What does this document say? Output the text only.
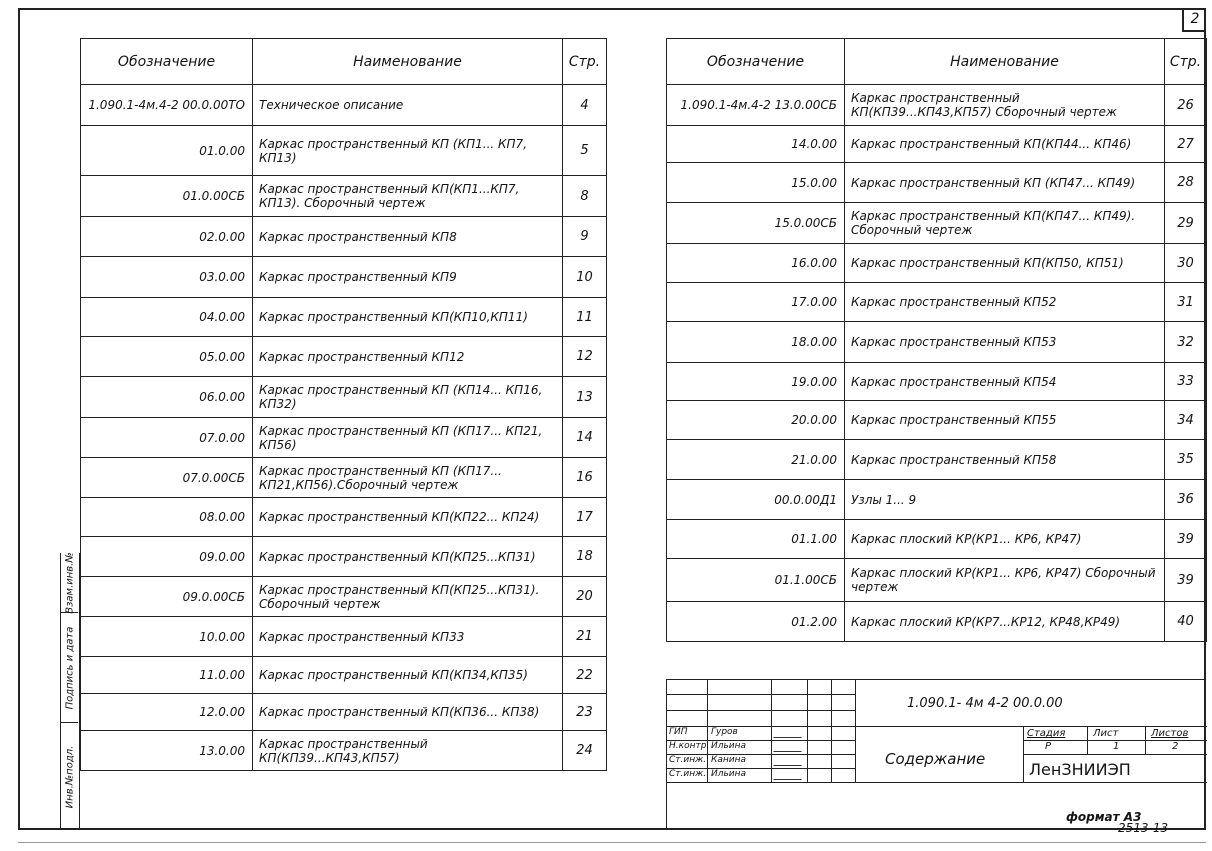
2
Взам.инв.№
Подпись и дата
Инв.№подл.
Обозначение	Наименование	Стр.
1.090.1-4м.4-2 00.0.00ТО	Техническое описание	4
01.0.00	Каркас пространственный КП (КП1... КП7, КП13)	5
01.0.00СБ	Каркас пространственный КП(КП1...КП7, КП13). Сборочный чертеж	8
02.0.00	Каркас пространственный КП8	9
03.0.00	Каркас пространственный КП9	10
04.0.00	Каркас пространственный КП(КП10,КП11)	11
05.0.00	Каркас пространственный КП12	12
06.0.00	Каркас пространственный КП (КП14... КП16, КП32)	13
07.0.00	Каркас пространственный КП (КП17... КП21, КП56)	14
07.0.00СБ	Каркас пространственный КП (КП17... КП21,КП56).Сборочный чертеж	16
08.0.00	Каркас пространственный КП(КП22... КП24)	17
09.0.00	Каркас пространственный КП(КП25...КП31)	18
09.0.00СБ	Каркас пространственный КП(КП25...КП31). Сборочный чертеж	20
10.0.00	Каркас пространственный КП33	21
11.0.00	Каркас пространственный КП(КП34,КП35)	22
12.0.00	Каркас пространственный КП(КП36... КП38)	23
13.0.00	Каркас пространственный КП(КП39...КП43,КП57)	24
Обозначение	Наименование	Стр.
1.090.1-4м.4-2 13.0.00СБ	Каркас пространственный КП(КП39...КП43,КП57) Сборочный чертеж	26
14.0.00	Каркас пространственный КП(КП44... КП46)	27
15.0.00	Каркас пространственный КП (КП47... КП49)	28
15.0.00СБ	Каркас пространственный КП(КП47... КП49). Сборочный чертеж	29
16.0.00	Каркас пространственный КП(КП50, КП51)	30
17.0.00	Каркас пространственный КП52	31
18.0.00	Каркас пространственный КП53	32
19.0.00	Каркас пространственный КП54	33
20.0.00	Каркас пространственный КП55	34
21.0.00	Каркас пространственный КП58	35
00.0.00Д1	Узлы 1... 9	36
01.1.00	Каркас плоский КР(КР1... КР6, КР47)	39
01.1.00СБ	Каркас плоский КР(КР1... КР6, КР47) Сборочный чертеж	39
01.2.00	Каркас плоский КР(КР7...КР12, КР48,КР49)	40
ГИП	Гуров
Н.контр. Ильина
Ст.инж. Канина
Ст.инж. Ильина
1.090.1- 4м 4-2 00.0.00
Содержание
Стадия	Лист	Листов
Р	1	2
ЛенЗНИИЭП
формат А3
2513-13
